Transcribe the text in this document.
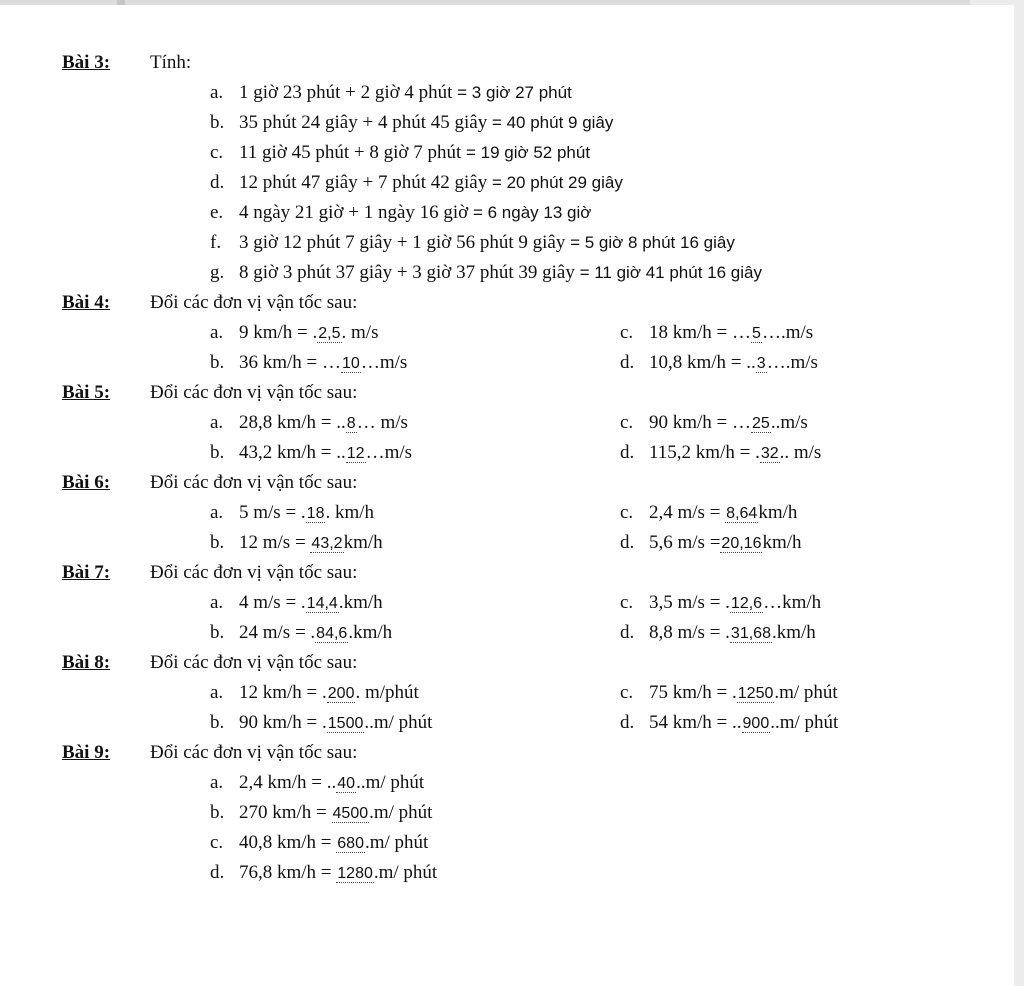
Bài 3: Tính:
a. 1 giờ 23 phút + 2 giờ 4 phút = 3 giờ 27 phút
b. 35 phút 24 giây + 4 phút 45 giây = 40 phút 9 giây
c. 11 giờ 45 phút + 8 giờ 7 phút = 19 giờ 52 phút
d. 12 phút 47 giây + 7 phút 42 giây = 20 phút 29 giây
e. 4 ngày 21 giờ + 1 ngày 16 giờ = 6 ngày 13 giờ
f. 3 giờ 12 phút 7 giây + 1 giờ 56 phút 9 giây = 5 giờ 8 phút 16 giây
g. 8 giờ 3 phút 37 giây + 3 giờ 37 phút 39 giây = 11 giờ 41 phút 16 giây
Bài 4: Đổi các đơn vị vận tốc sau:
a. 9 km/h = .2,5. m/s	c. 18 km/h = …5….m/s
b. 36 km/h = …10…m/s	d. 10,8 km/h = ..3….m/s
Bài 5: Đổi các đơn vị vận tốc sau:
a. 28,8 km/h = ..8… m/s	c. 90 km/h = …25..m/s
b. 43,2 km/h = ..12…m/s	d. 115,2 km/h = .32.. m/s
Bài 6: Đổi các đơn vị vận tốc sau:
a. 5 m/s = .18. km/h	c. 2,4 m/s = 8,64km/h
b. 12 m/s = 43,2km/h	d. 5,6 m/s =20,16km/h
Bài 7: Đổi các đơn vị vận tốc sau:
a. 4 m/s = .14,4.km/h	c. 3,5 m/s = .12,6…km/h
b. 24 m/s = .84,6.km/h	d. 8,8 m/s = .31,68.km/h
Bài 8: Đổi các đơn vị vận tốc sau:
a. 12 km/h = .200. m/phút	c. 75 km/h = .1250.m/ phút
b. 90 km/h = .1500..m/ phút	d. 54 km/h = ..900..m/ phút
Bài 9: Đổi các đơn vị vận tốc sau:
a. 2,4 km/h = ..40..m/ phút
b. 270 km/h = 4500.m/ phút
c. 40,8 km/h = 680.m/ phút
d. 76,8 km/h = 1280.m/ phút
